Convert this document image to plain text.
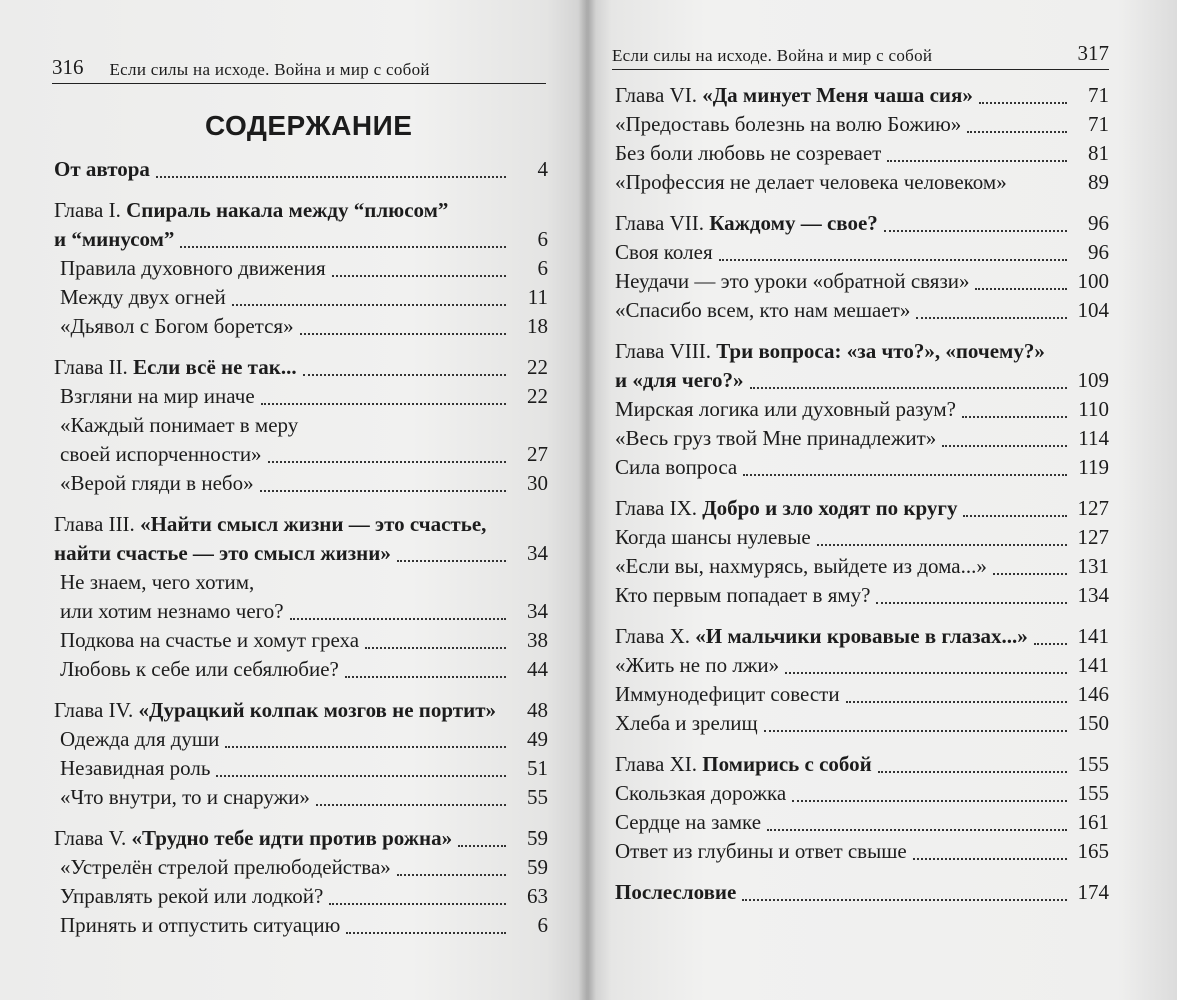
316 Если силы на исходе. Война и мир с собой
СОДЕРЖАНИЕ
От автора	4
Глава I. Спираль накала между “плюсом”
и “минусом”	6
Правила духовного движения	6
Между двух огней	11
«Дьявол с Богом борется»	18
Глава II. Если всё не так...	22
Взгляни на мир иначе	22
«Каждый понимает в меру
своей испорченности»	27
«Верой гляди в небо»	30
Глава III. «Найти смысл жизни — это счастье,
найти счастье — это смысл жизни»	34
Не знаем, чего хотим,
или хотим незнамо чего?	34
Подкова на счастье и хомут греха	38
Любовь к себе или себялюбие?	44
Глава IV. «Дурацкий колпак мозгов не портит»	48
Одежда для души	49
Незавидная роль	51
«Что внутри, то и снаружи»	55
Глава V. «Трудно тебе идти против рожна»	59
«Устрелён стрелой прелюбодейства»	59
Управлять рекой или лодкой?	63
Принять и отпустить ситуацию	6
Если силы на исходе. Война и мир с собой	317
Глава VI. «Да минует Меня чаша сия»	71
«Предоставь болезнь на волю Божию»	71
Без боли любовь не созревает	81
«Профессия не делает человека человеком»	89
Глава VII. Каждому — свое?	96
Своя колея	96
Неудачи — это уроки «обратной связи»	100
«Спасибо всем, кто нам мешает»	104
Глава VIII. Три вопроса: «за что?», «почему?»
и «для чего?»	109
Мирская логика или духовный разум?	110
«Весь груз твой Мне принадлежит»	114
Сила вопроса	119
Глава IX. Добро и зло ходят по кругу	127
Когда шансы нулевые	127
«Если вы, нахмурясь, выйдете из дома...»	131
Кто первым попадает в яму?	134
Глава X. «И мальчики кровавые в глазах...» 141
«Жить не по лжи»	141
Иммунодефицит совести	146
Хлеба и зрелищ	150
Глава XI. Помирись с собой	155
Скользкая дорожка	155
Сердце на замке	161
Ответ из глубины и ответ свыше	165
Послесловие	174
